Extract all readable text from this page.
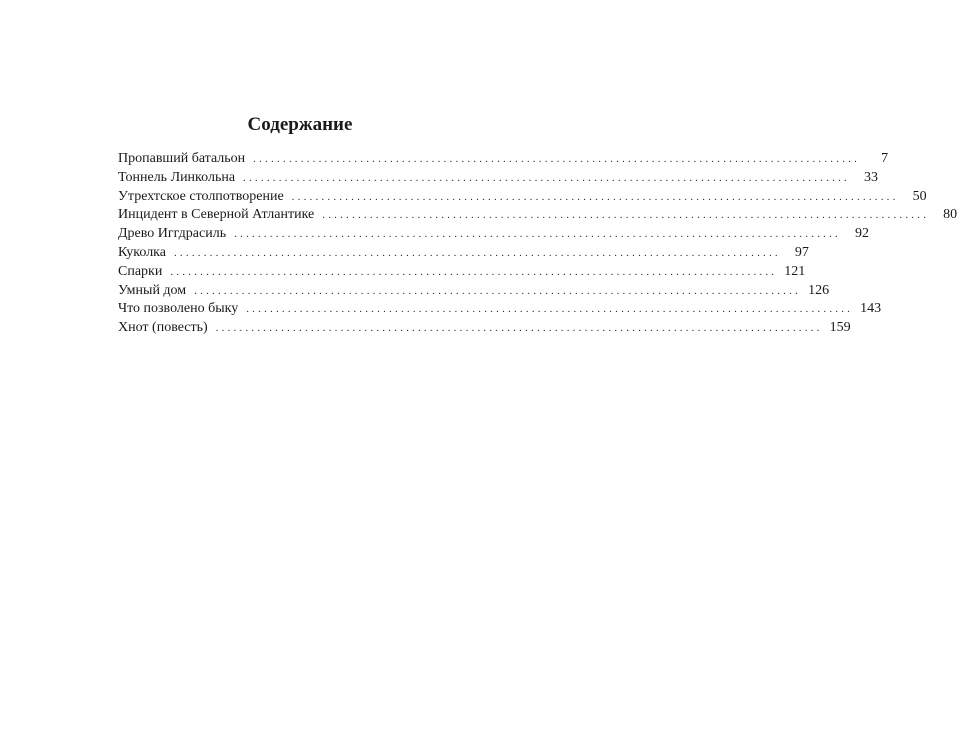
Содержание
Пропавший батальон ......................................................................................................	7
Тоннель Линкольна ......................................................................................................	33
Утрехтское столпотворение ......................................................................................................	50
Инцидент в Северной Атлантике ......................................................................................................	80
Древо Иггдрасиль ......................................................................................................	92
Куколка ......................................................................................................	97
Спарки ...................................................................................................... 121
Умный дом ...................................................................................................... 126
Что позволено быку ...................................................................................................... 143
Хнот (повесть) ...................................................................................................... 159
